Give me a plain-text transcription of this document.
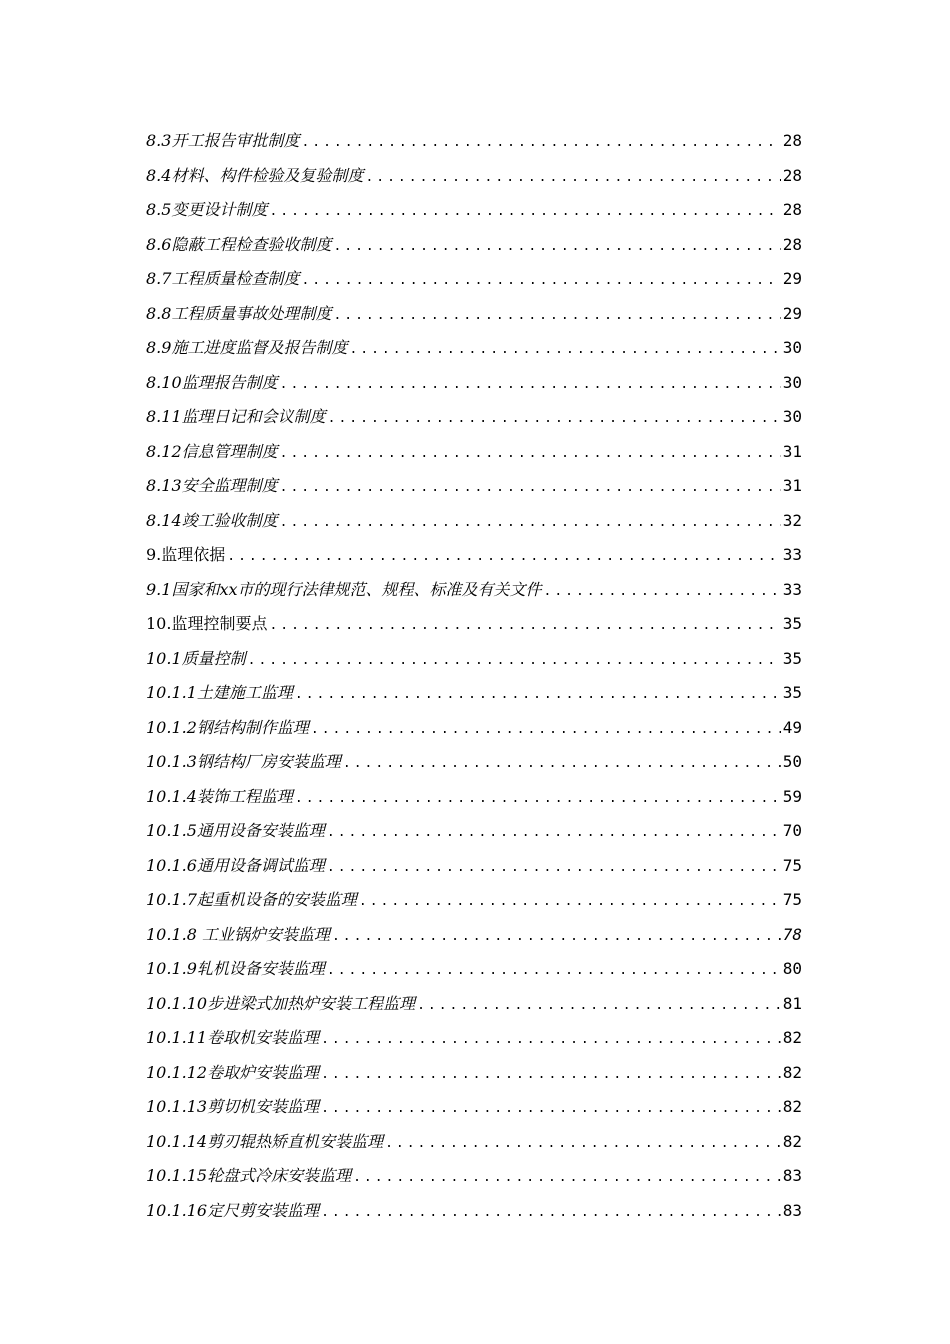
8.3开工报告审批制度 .....	28
8.4材料、构件检验及复验制度 .....	28
8.5变更设计制度 .....	28
8.6隐蔽工程检查验收制度 .....	28
8.7工程质量检查制度 .....	29
8.8工程质量事故处理制度 .....	29
8.9施工进度监督及报告制度 .....	30
8.10监理报告制度 .....	30
8.11监理日记和会议制度 .....	30
8.12信息管理制度 .....	31
8.13安全监理制度 .....	31
8.14竣工验收制度 .....	32
9.监理依据 .....	33
9.1国家和xx市的现行法律规范、规程、标准及有关文件 .....	33
10.监理控制要点 .....	35
10.1质量控制 .....	35
10.1.1土建施工监理 .....	35
10.1.2钢结构制作监理 .....	49
10.1.3钢结构厂房安装监理 .....	50
10.1.4装饰工程监理 .....	59
10.1.5通用设备安装监理 .....	70
10.1.6通用设备调试监理 .....	75
10.1.7起重机设备的安装监理 .....	75
10.1.8 工业锅炉安装监理 .....	78
10.1.9轧机设备安装监理 .....	80
10.1.10步进梁式加热炉安装工程监理 .....	81
10.1.11卷取机安装监理 .....	82
10.1.12卷取炉安装监理 .....	82
10.1.13剪切机安装监理 .....	82
10.1.14剪刃辊热矫直机安装监理 .....	82
10.1.15轮盘式冷床安装监理 .....	83
10.1.16定尺剪安装监理 .....	83
